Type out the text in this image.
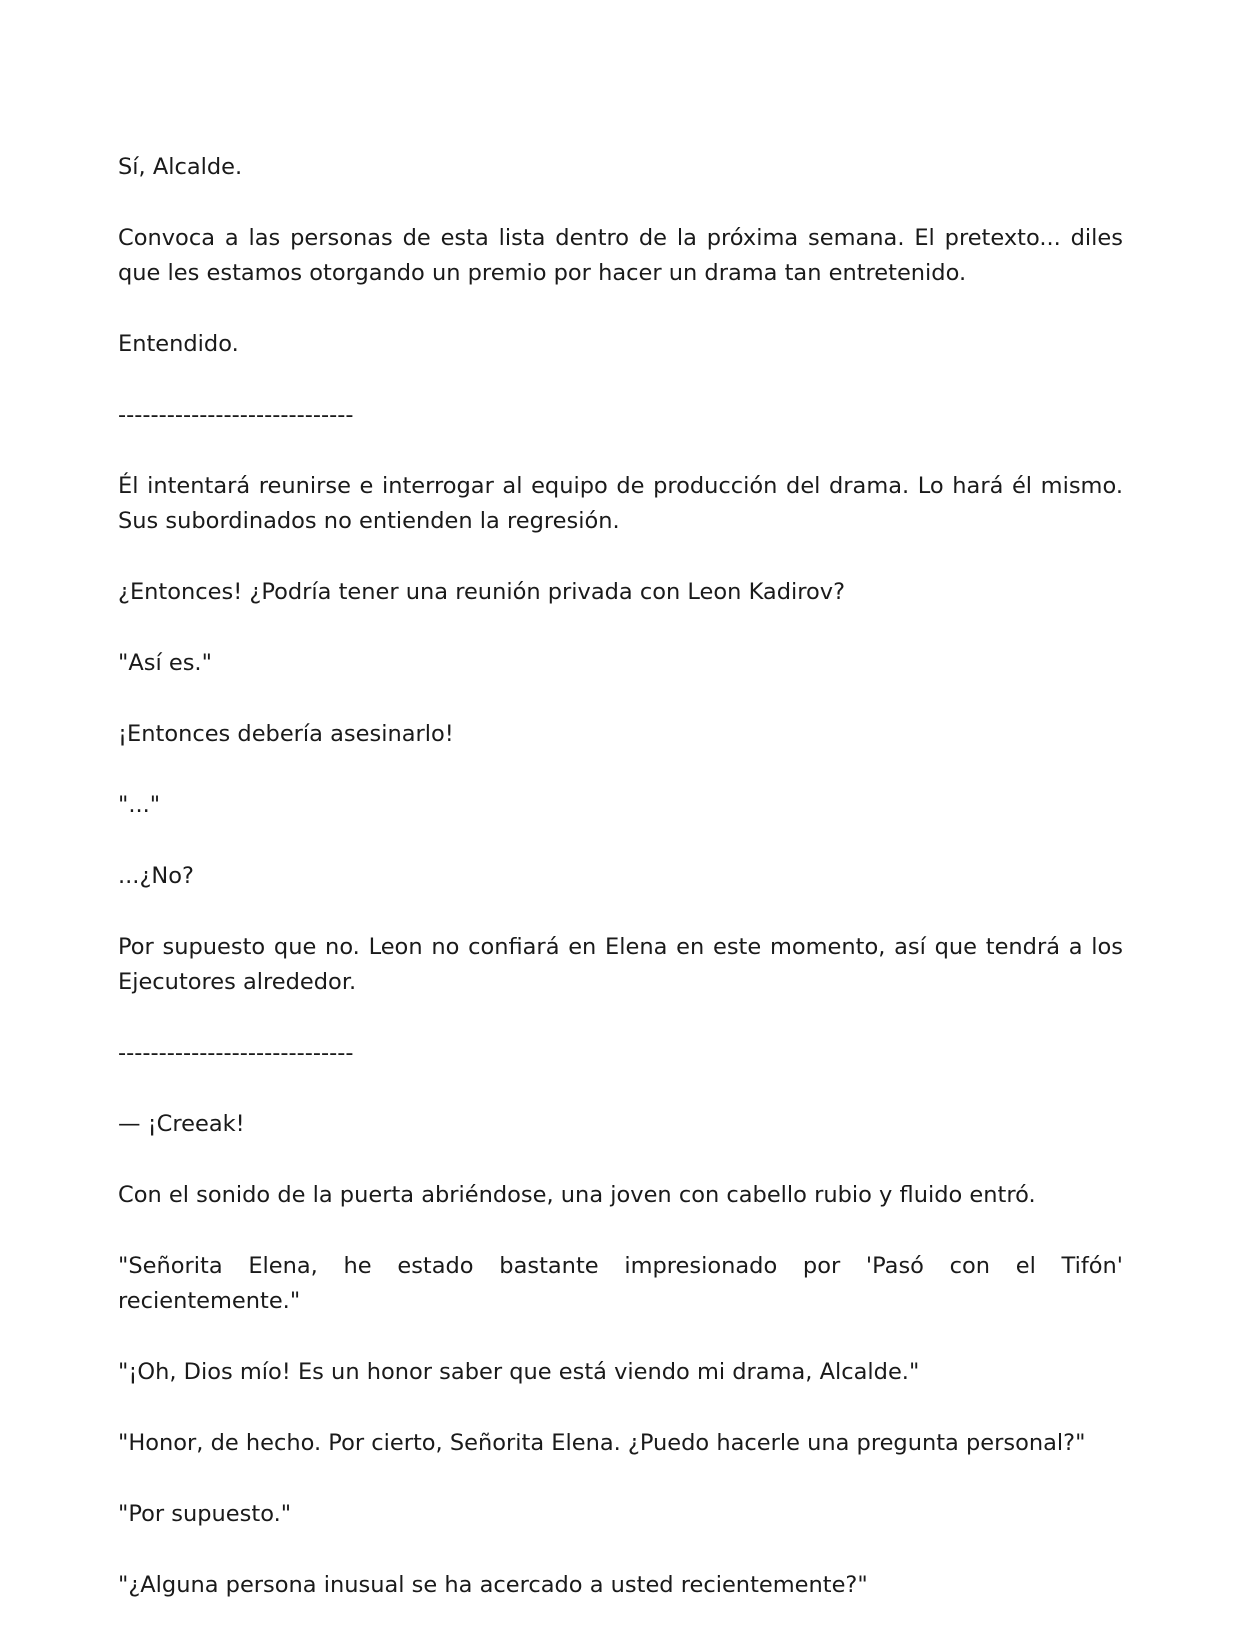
Sí, Alcalde.

Convoca a las personas de esta lista dentro de la próxima semana. El pretexto... diles que les estamos otorgando un premio por hacer un drama tan entretenido.

Entendido.

-----------------------------

Él intentará reunirse e interrogar al equipo de producción del drama. Lo hará él mismo. Sus subordinados no entienden la regresión.

¿Entonces! ¿Podría tener una reunión privada con Leon Kadirov?

"Así es."

¡Entonces debería asesinarlo!

"..."

...¿No?

Por supuesto que no. Leon no confiará en Elena en este momento, así que tendrá a los Ejecutores alrededor.

-----------------------------

— ¡Creeak!

Con el sonido de la puerta abriéndose, una joven con cabello rubio y fluido entró.

"Señorita Elena, he estado bastante impresionado por 'Pasó con el Tifón' recientemente."

"¡Oh, Dios mío! Es un honor saber que está viendo mi drama, Alcalde."

"Honor, de hecho. Por cierto, Señorita Elena. ¿Puedo hacerle una pregunta personal?"

"Por supuesto."

"¿Alguna persona inusual se ha acercado a usted recientemente?"
